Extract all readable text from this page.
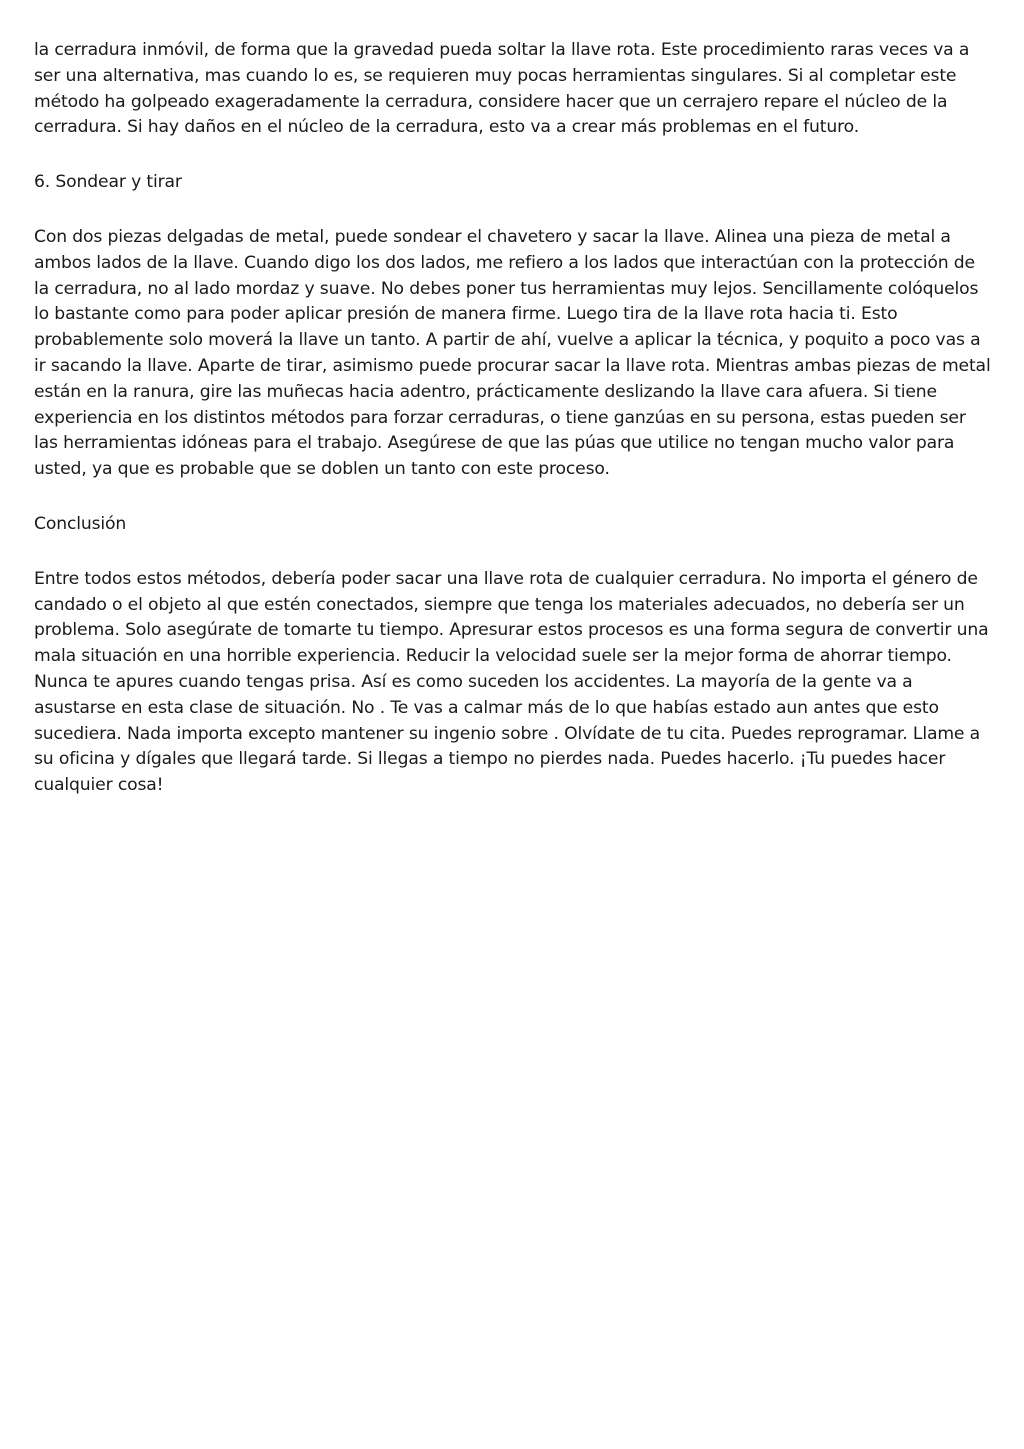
la cerradura inmóvil, de forma que la gravedad pueda soltar la llave rota. Este procedimiento raras veces va a ser una alternativa, mas cuando lo es, se requieren muy pocas herramientas singulares. Si al completar este método ha golpeado exageradamente la cerradura, considere hacer que un cerrajero repare el núcleo de la cerradura. Si hay daños en el núcleo de la cerradura, esto va a crear más problemas en el futuro.

6. Sondear y tirar

Con dos piezas delgadas de metal, puede sondear el chavetero y sacar la llave. Alinea una pieza de metal a ambos lados de la llave. Cuando digo los dos lados, me refiero a los lados que interactúan con la protección de la cerradura, no al lado mordaz y suave. No debes poner tus herramientas muy lejos. Sencillamente colóquelos lo bastante como para poder aplicar presión de manera firme. Luego tira de la llave rota hacia ti. Esto probablemente solo moverá la llave un tanto. A partir de ahí, vuelve a aplicar la técnica, y poquito a poco vas a ir sacando la llave. Aparte de tirar, asimismo puede procurar sacar la llave rota. Mientras ambas piezas de metal están en la ranura, gire las muñecas hacia adentro, prácticamente deslizando la llave cara afuera. Si tiene experiencia en los distintos métodos para forzar cerraduras, o tiene ganzúas en su persona, estas pueden ser las herramientas idóneas para el trabajo. Asegúrese de que las púas que utilice no tengan mucho valor para usted, ya que es probable que se doblen un tanto con este proceso.

Conclusión

Entre todos estos métodos, debería poder sacar una llave rota de cualquier cerradura. No importa el género de candado o el objeto al que estén conectados, siempre que tenga los materiales adecuados, no debería ser un problema. Solo asegúrate de tomarte tu tiempo. Apresurar estos procesos es una forma segura de convertir una mala situación en una horrible experiencia. Reducir la velocidad suele ser la mejor forma de ahorrar tiempo. Nunca te apures cuando tengas prisa. Así es como suceden los accidentes. La mayoría de la gente va a asustarse en esta clase de situación. No . Te vas a calmar más de lo que habías estado aun antes que esto sucediera. Nada importa excepto mantener su ingenio sobre . Olvídate de tu cita. Puedes reprogramar. Llame a su oficina y dígales que llegará tarde. Si llegas a tiempo no pierdes nada. Puedes hacerlo. ¡Tu puedes hacer cualquier cosa!
